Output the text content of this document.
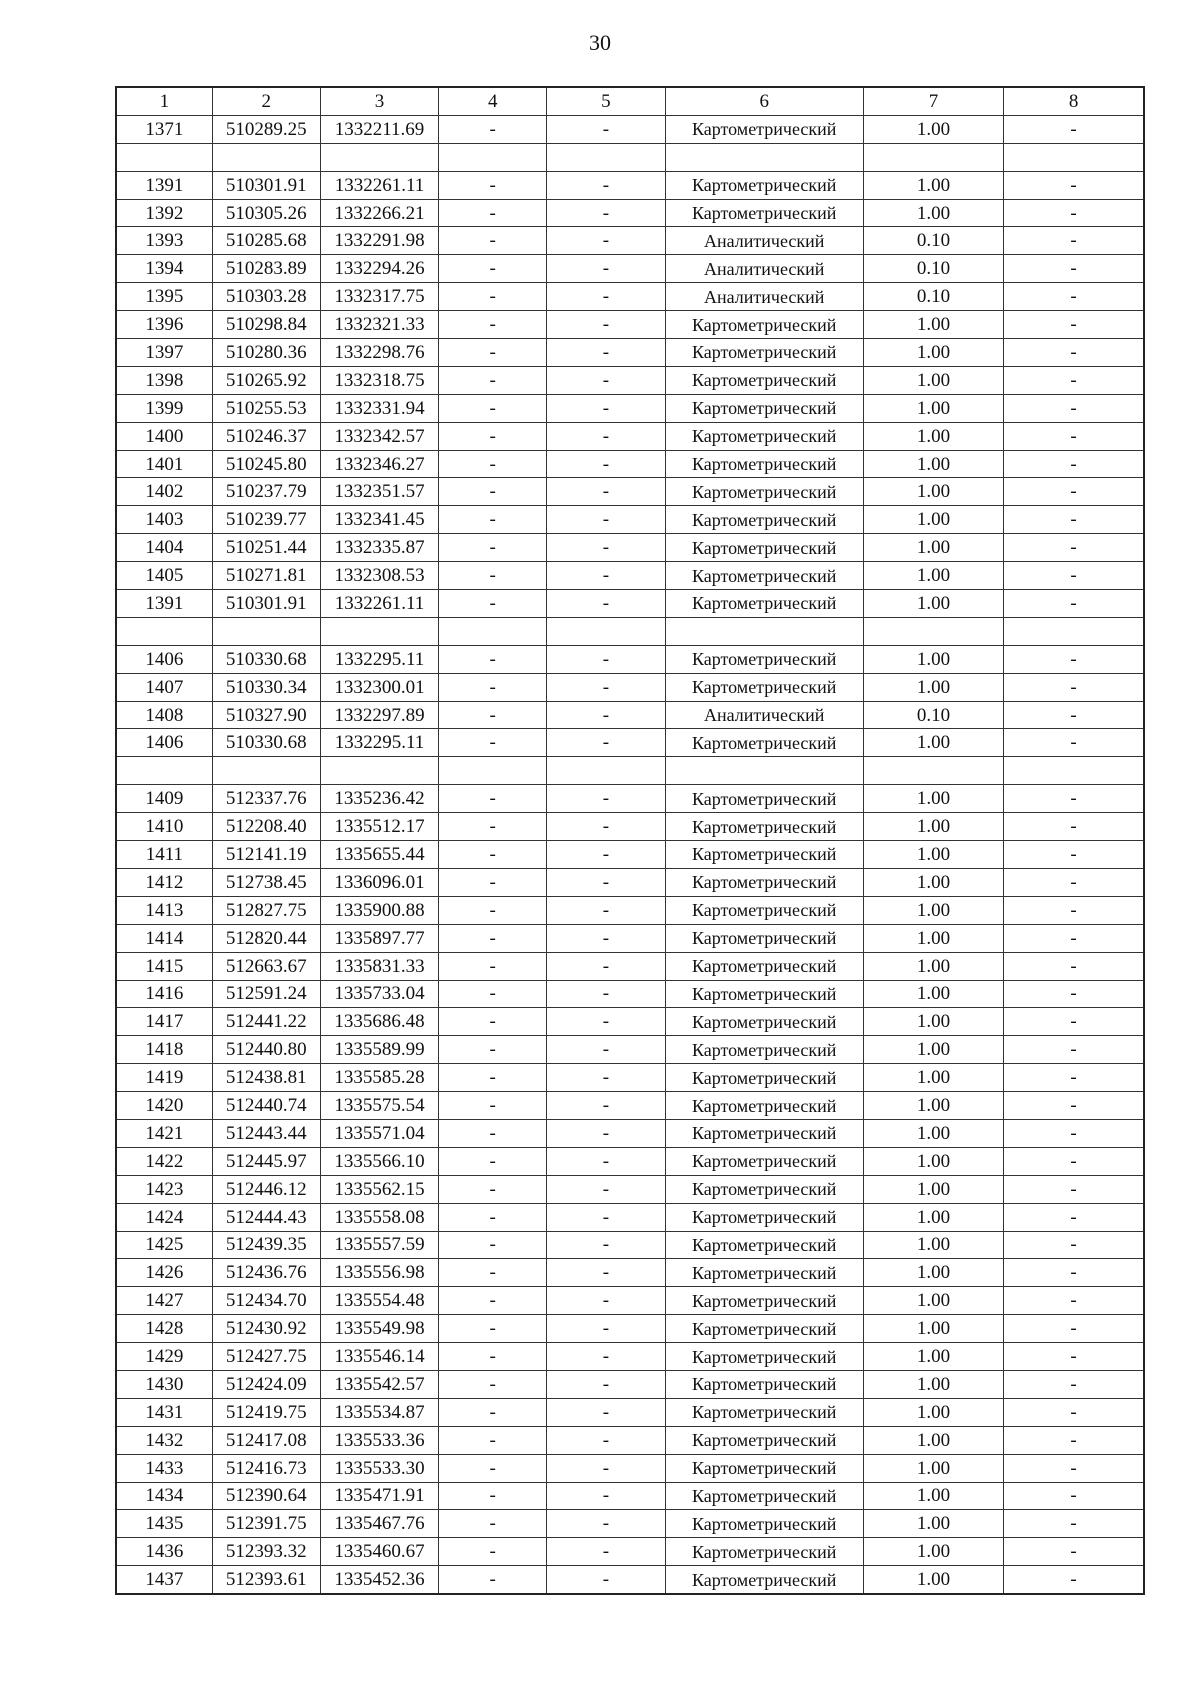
30
1	2	3	4	5	6	7	8
1371	510289.25	1332211.69	-	-	Картометрический	1.00	-

1391	510301.91	1332261.11	-	-	Картометрический	1.00	-
1392	510305.26	1332266.21	-	-	Картометрический	1.00	-
1393	510285.68	1332291.98	-	-	Аналитический	0.10	-
1394	510283.89	1332294.26	-	-	Аналитический	0.10	-
1395	510303.28	1332317.75	-	-	Аналитический	0.10	-
1396	510298.84	1332321.33	-	-	Картометрический	1.00	-
1397	510280.36	1332298.76	-	-	Картометрический	1.00	-
1398	510265.92	1332318.75	-	-	Картометрический	1.00	-
1399	510255.53	1332331.94	-	-	Картометрический	1.00	-
1400	510246.37	1332342.57	-	-	Картометрический	1.00	-
1401	510245.80	1332346.27	-	-	Картометрический	1.00	-
1402	510237.79	1332351.57	-	-	Картометрический	1.00	-
1403	510239.77	1332341.45	-	-	Картометрический	1.00	-
1404	510251.44	1332335.87	-	-	Картометрический	1.00	-
1405	510271.81	1332308.53	-	-	Картометрический	1.00	-
1391	510301.91	1332261.11	-	-	Картометрический	1.00	-

1406	510330.68	1332295.11	-	-	Картометрический	1.00	-
1407	510330.34	1332300.01	-	-	Картометрический	1.00	-
1408	510327.90	1332297.89	-	-	Аналитический	0.10	-
1406	510330.68	1332295.11	-	-	Картометрический	1.00	-

1409	512337.76	1335236.42	-	-	Картометрический	1.00	-
1410	512208.40	1335512.17	-	-	Картометрический	1.00	-
1411	512141.19	1335655.44	-	-	Картометрический	1.00	-
1412	512738.45	1336096.01	-	-	Картометрический	1.00	-
1413	512827.75	1335900.88	-	-	Картометрический	1.00	-
1414	512820.44	1335897.77	-	-	Картометрический	1.00	-
1415	512663.67	1335831.33	-	-	Картометрический	1.00	-
1416	512591.24	1335733.04	-	-	Картометрический	1.00	-
1417	512441.22	1335686.48	-	-	Картометрический	1.00	-
1418	512440.80	1335589.99	-	-	Картометрический	1.00	-
1419	512438.81	1335585.28	-	-	Картометрический	1.00	-
1420	512440.74	1335575.54	-	-	Картометрический	1.00	-
1421	512443.44	1335571.04	-	-	Картометрический	1.00	-
1422	512445.97	1335566.10	-	-	Картометрический	1.00	-
1423	512446.12	1335562.15	-	-	Картометрический	1.00	-
1424	512444.43	1335558.08	-	-	Картометрический	1.00	-
1425	512439.35	1335557.59	-	-	Картометрический	1.00	-
1426	512436.76	1335556.98	-	-	Картометрический	1.00	-
1427	512434.70	1335554.48	-	-	Картометрический	1.00	-
1428	512430.92	1335549.98	-	-	Картометрический	1.00	-
1429	512427.75	1335546.14	-	-	Картометрический	1.00	-
1430	512424.09	1335542.57	-	-	Картометрический	1.00	-
1431	512419.75	1335534.87	-	-	Картометрический	1.00	-
1432	512417.08	1335533.36	-	-	Картометрический	1.00	-
1433	512416.73	1335533.30	-	-	Картометрический	1.00	-
1434	512390.64	1335471.91	-	-	Картометрический	1.00	-
1435	512391.75	1335467.76	-	-	Картометрический	1.00	-
1436	512393.32	1335460.67	-	-	Картометрический	1.00	-
1437	512393.61	1335452.36	-	-	Картометрический	1.00	-
